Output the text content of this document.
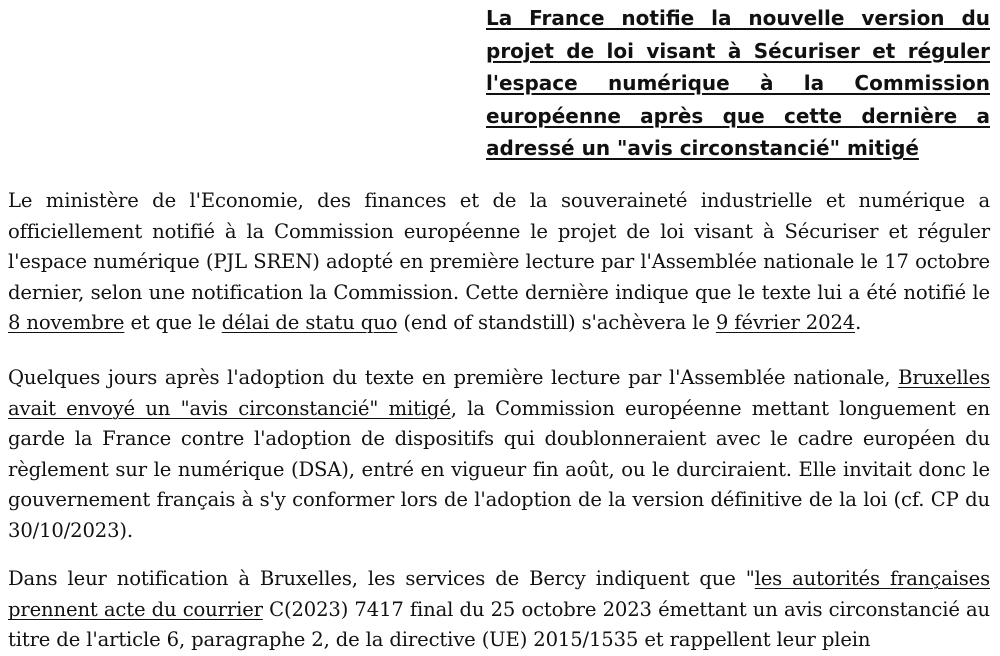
La France notifie la nouvelle version du projet de loi visant à Sécuriser et réguler l'espace numérique à la Commission européenne après que cette dernière a adressé un "avis circonstancié" mitigé

Le ministère de l'Economie, des finances et de la souveraineté industrielle et numérique a officiellement notifié à la Commission européenne le projet de loi visant à Sécuriser et réguler l'espace numérique (PJL SREN) adopté en première lecture par l'Assemblée nationale le 17 octobre dernier, selon une notification la Commission. Cette dernière indique que le texte lui a été notifié le 8 novembre et que le délai de statu quo (end of standstill) s'achèvera le 9 février 2024.

Quelques jours après l'adoption du texte en première lecture par l'Assemblée nationale, Bruxelles avait envoyé un "avis circonstancié" mitigé, la Commission européenne mettant longuement en garde la France contre l'adoption de dispositifs qui doublonneraient avec le cadre européen du règlement sur le numérique (DSA), entré en vigueur fin août, ou le durciraient. Elle invitait donc le gouvernement français à s'y conformer lors de l'adoption de la version définitive de la loi (cf. CP du 30/10/2023).

Dans leur notification à Bruxelles, les services de Bercy indiquent que "les autorités françaises prennent acte du courrier C(2023) 7417 final du 25 octobre 2023 émettant un avis circonstancié au titre de l'article 6, paragraphe 2, de la directive (UE) 2015/1535 et rappellent leur plein
